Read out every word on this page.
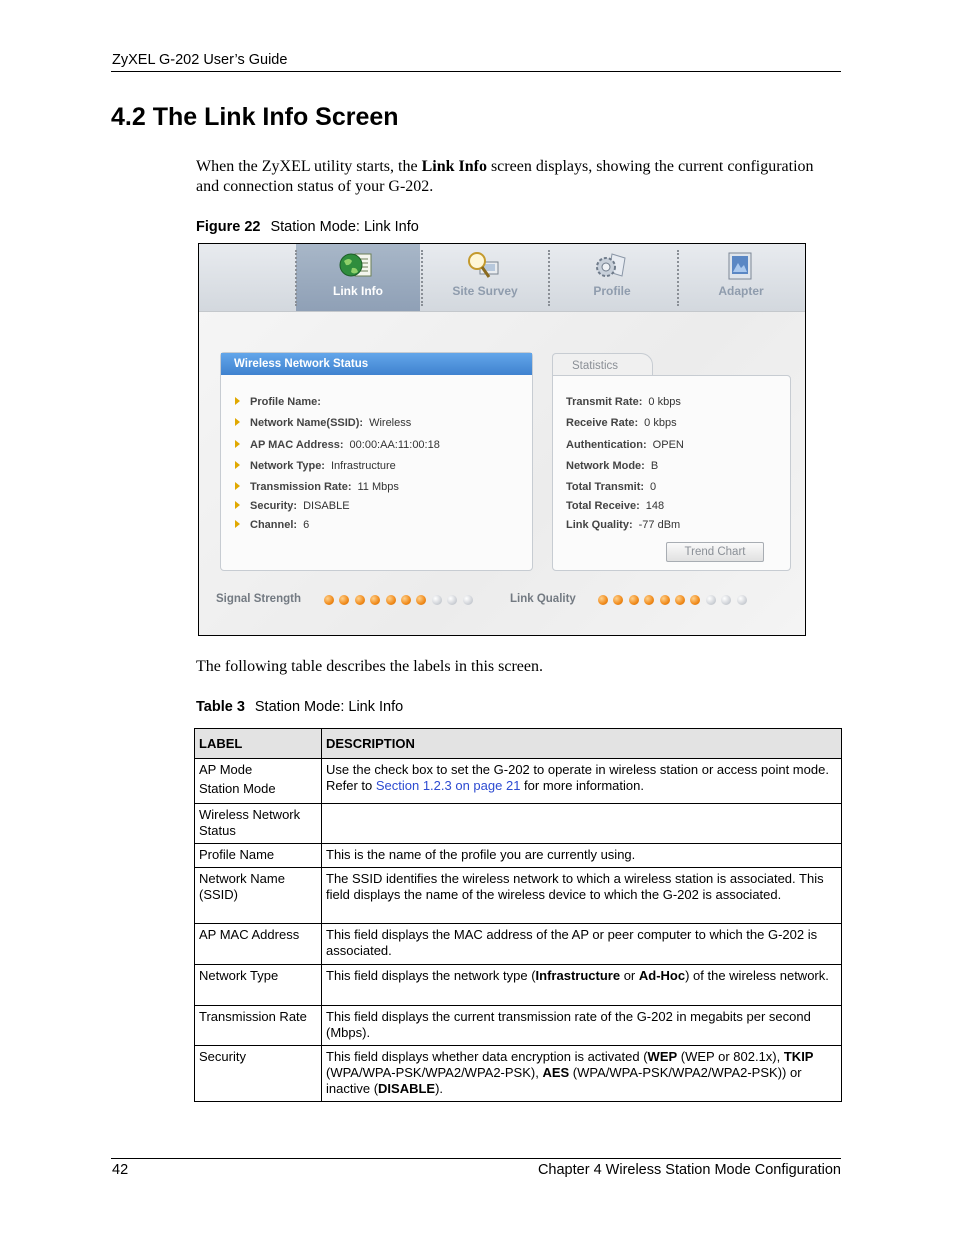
ZyXEL G-202 User’s Guide
4.2 The Link Info Screen
When the ZyXEL utility starts, the Link Info screen displays, showing the current configuration and connection status of your G-202.
Figure 22 Station Mode: Link Info
Link Info	Site Survey	Profile	Adapter
Wireless Network Status
Profile Name:
Network Name(SSID): Wireless
AP MAC Address: 00:00:AA:11:00:18
Network Type: Infrastructure
Transmission Rate: 11 Mbps
Security: DISABLE
Channel: 6
Statistics
Transmit Rate: 0 kbps
Receive Rate: 0 kbps
Authentication: OPEN
Network Mode: B
Total Transmit: 0
Total Receive: 148
Link Quality: -77 dBm
Trend Chart
Signal Strength	Link Quality
The following table describes the labels in this screen.
Table 3 Station Mode: Link Info
LABEL	DESCRIPTION

AP Mode
Station Mode	Use the check box to set the G-202 to operate in wireless station or access point mode. Refer to Section 1.2.3 on page 21 for more information.
Wireless Network Status	
Profile Name	This is the name of the profile you are currently using.
Network Name (SSID)	The SSID identifies the wireless network to which a wireless station is associated. This field displays the name of the wireless device to which the G-202 is associated.
AP MAC Address	This field displays the MAC address of the AP or peer computer to which the G-202 is associated.
Network Type	This field displays the network type (Infrastructure or Ad-Hoc) of the wireless network.
Transmission Rate	This field displays the current transmission rate of the G-202 in megabits per second (Mbps).
Security	This field displays whether data encryption is activated (WEP (WEP or 802.1x), TKIP (WPA/WPA-PSK/WPA2/WPA2-PSK), AES (WPA/WPA-PSK/WPA2/WPA2-PSK)) or inactive (DISABLE).
42	Chapter 4 Wireless Station Mode Configuration
